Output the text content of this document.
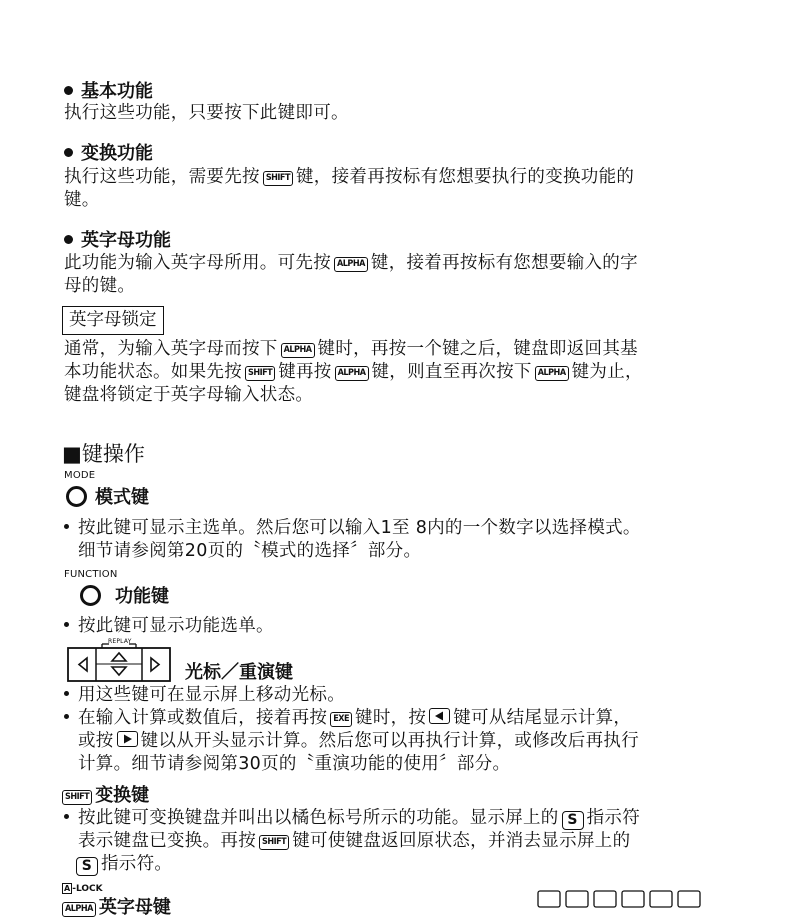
基本功能
执行这些功能，只要按下此键即可。
变换功能
执行这些功能，需要先按 SHIFT 键，接着再按标有您想要执行的变换功能的
键。
英字母功能
此功能为输入英字母所用。可先按 ALPHA 键，接着再按标有您想要输入的字
母的键。
英字母锁定
通常，为输入英字母而按下 ALPHA 键时，再按一个键之后，键盘即返回其基
本功能状态。如果先按 SHIFT 键再按 ALPHA 键，则直至再次按下 ALPHA 键为止，
键盘将锁定于英字母输入状态。
■键操作
MODE
模式键
按此键可显示主选单。然后您可以输入1至 8内的一个数字以选择模式。
细节请参阅第20页的〝模式的选择〞部分。
FUNCTION
功能键
按此键可显示功能选单。
REPLAY
光标／重演键
用这些键可在显示屏上移动光标。
在输入计算或数值后，接着再按 EXE 键时，按 键可从结尾显示计算，
或按 键以从开头显示计算。然后您可以再执行计算，或修改后再执行
计算。细节请参阅第30页的〝重演功能的使用〞部分。
SHIFT 变换键
按此键可变换键盘并叫出以橘色标号所示的功能。显示屏上的 S 指示符
表示键盘已变换。再按 SHIFT 键可使键盘返回原状态，并消去显示屏上的
S 指示符。
A -LOCK
ALPHA 英字母键
